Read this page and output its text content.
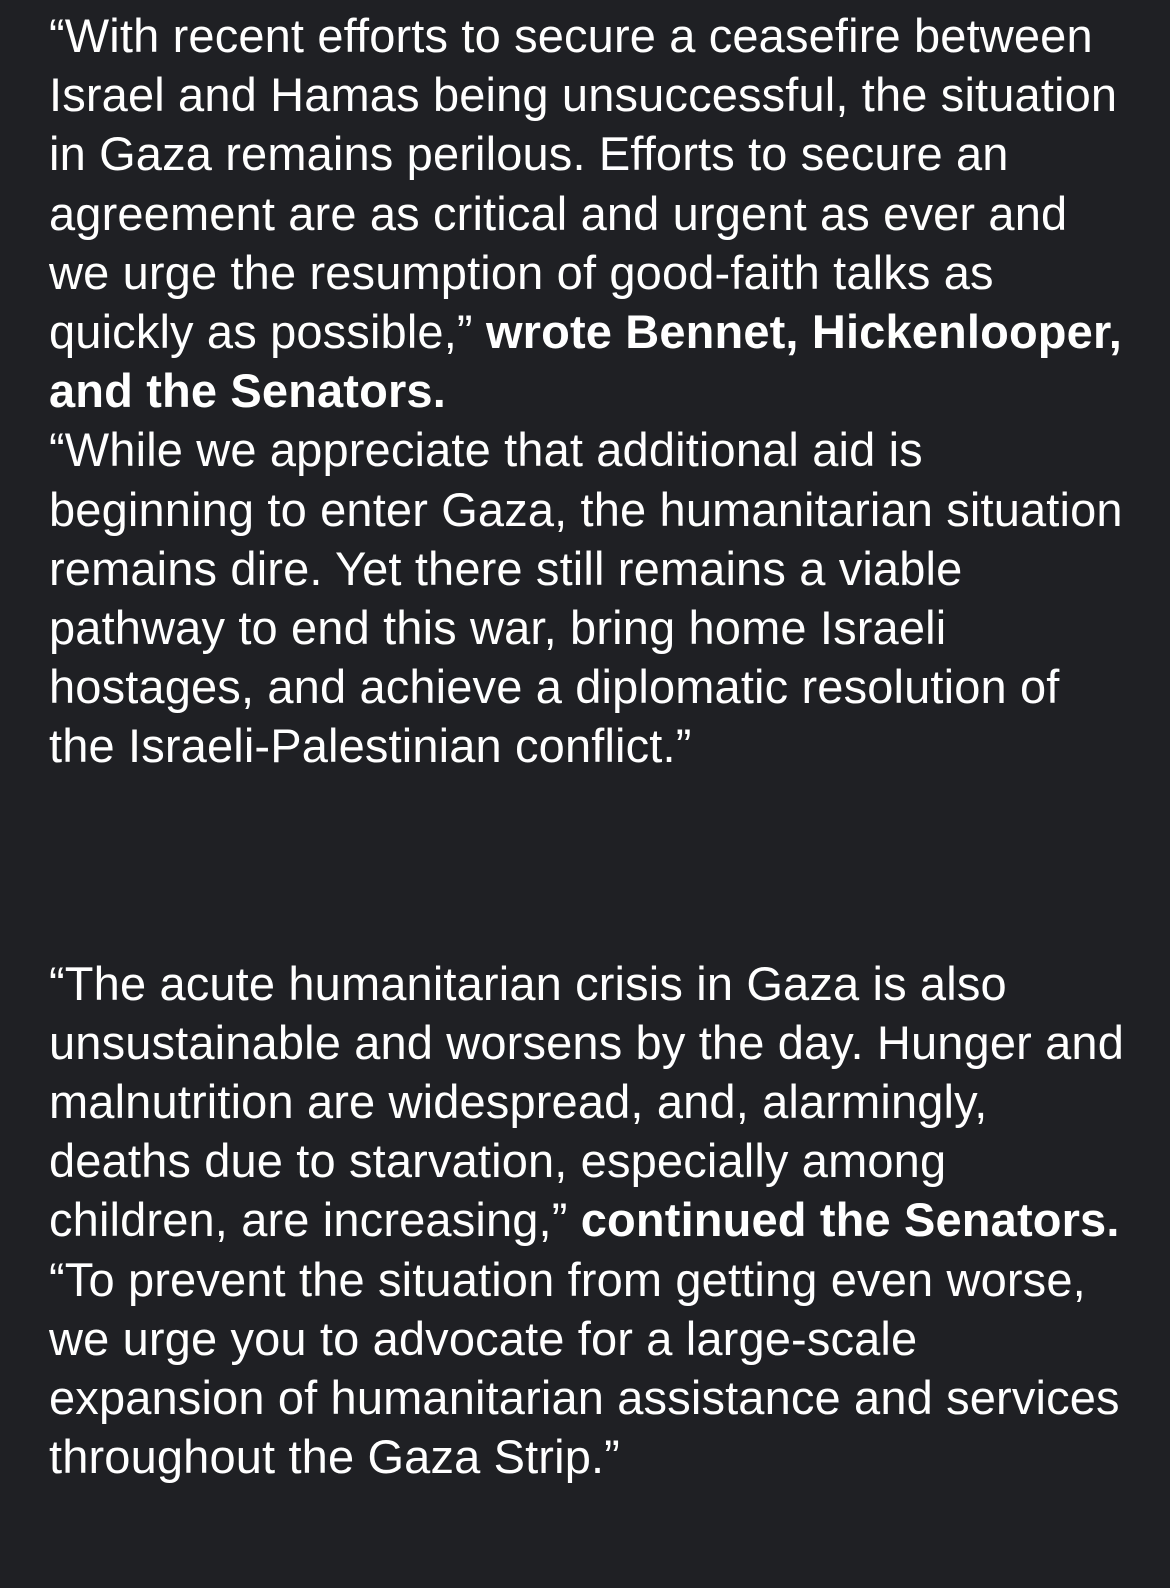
“With recent efforts to secure a ceasefire between Israel and Hamas being unsuccessful, the situation in Gaza remains perilous. Efforts to secure an agreement are as critical and urgent as ever and we urge the resumption of good-faith talks as quickly as possible,” wrote Bennet, Hickenlooper, and the Senators.
“While we appreciate that additional aid is beginning to enter Gaza, the humanitarian situation remains dire. Yet there still remains a viable pathway to end this war, bring home Israeli hostages, and achieve a diplomatic resolution of the Israeli-Palestinian conflict.”

“The acute humanitarian crisis in Gaza is also unsustainable and worsens by the day. Hunger and malnutrition are widespread, and, alarmingly, deaths due to starvation, especially among children, are increasing,” continued the Senators. “To prevent the situation from getting even worse, we urge you to advocate for a large-scale expansion of humanitarian assistance and services throughout the Gaza Strip.”
